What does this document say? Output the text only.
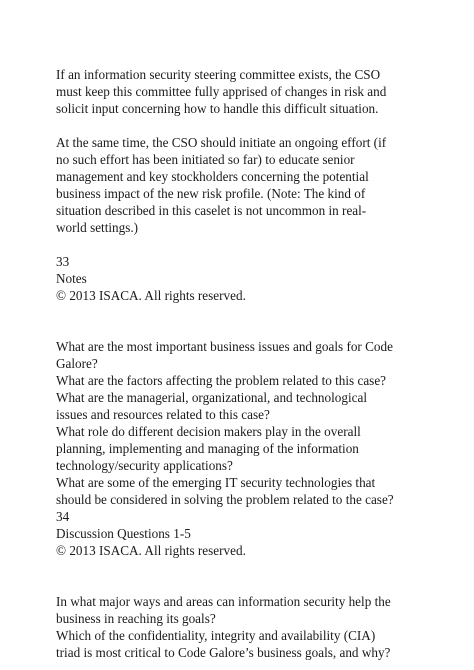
If an information security steering committee exists, the CSO

must keep this committee fully apprised of changes in risk and

solicit input concerning how to handle this difficult situation.

At the same time, the CSO should initiate an ongoing effort (if

no such effort has been initiated so far) to educate senior

management and key stockholders concerning the potential

business impact of the new risk profile. (Note: The kind of

situation described in this caselet is not uncommon in real-

world settings.)

33

Notes

© 2013 ISACA. All rights reserved.

What are the most important business issues and goals for Code

Galore?

What are the factors affecting the problem related to this case?

What are the managerial, organizational, and technological

issues and resources related to this case?

What role do different decision makers play in the overall

planning, implementing and managing of the information

technology/security applications?

What are some of the emerging IT security technologies that

should be considered in solving the problem related to the case?

34

Discussion Questions 1-5

© 2013 ISACA. All rights reserved.

In what major ways and areas can information security help the

business in reaching its goals?

Which of the confidentiality, integrity and availability (CIA)

triad is most critical to Code Galore’s business goals, and why?
